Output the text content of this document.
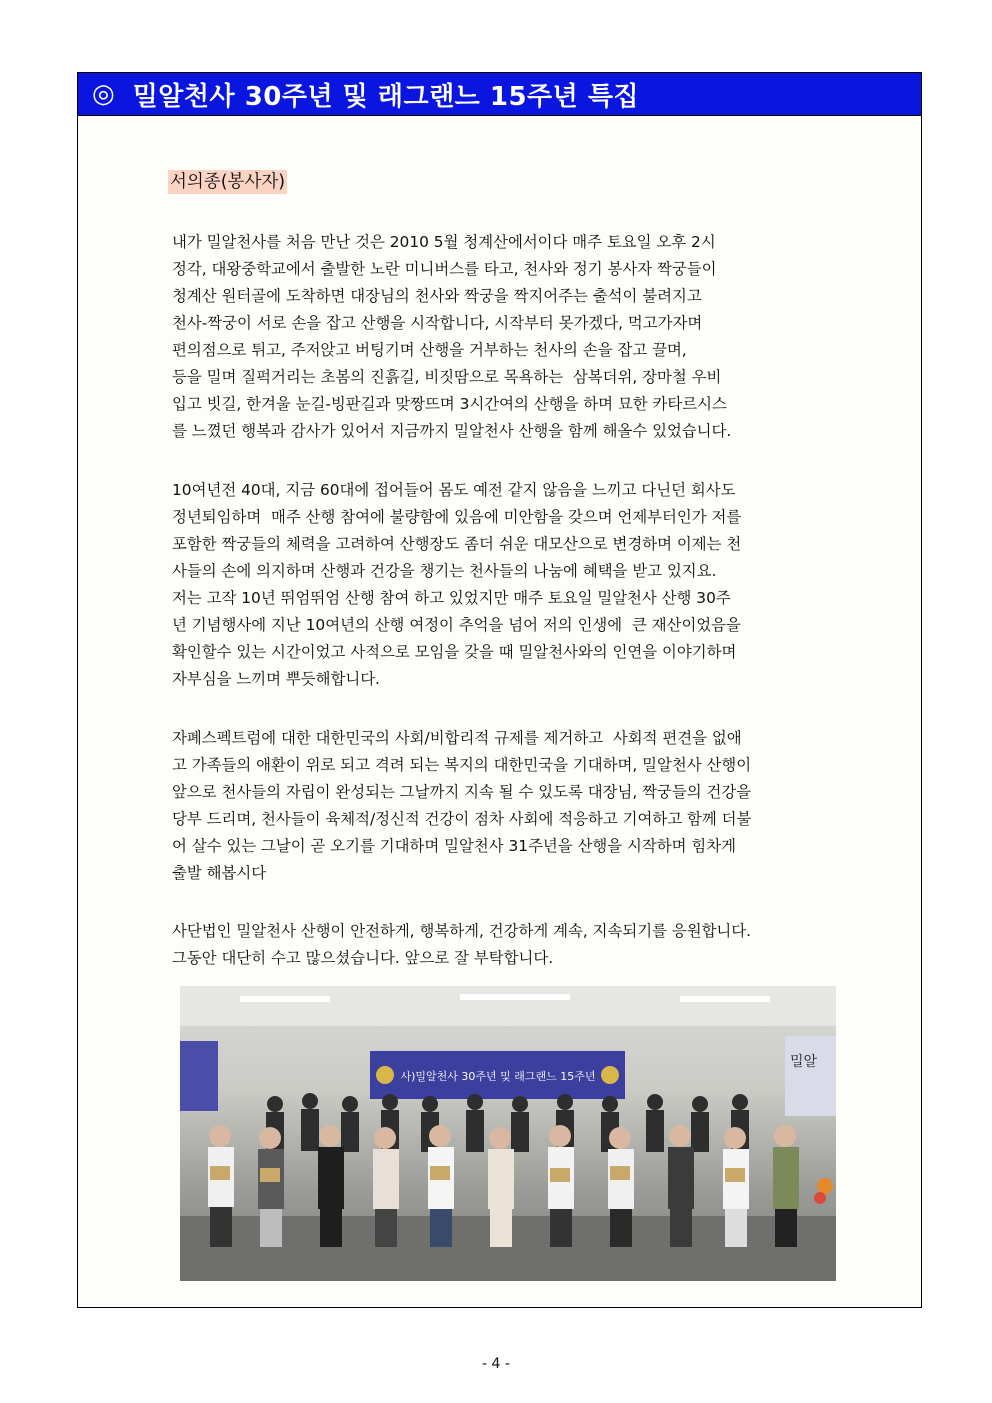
◎ 밀알천사 30주년 및 래그랜느 15주년 특집
서의종(봉사자)
내가 밀알천사를 처음 만난 것은 2010 5월 청계산에서이다 매주 토요일 오후 2시
정각, 대왕중학교에서 출발한 노란 미니버스를 타고, 천사와 정기 봉사자 짝궁들이
청계산 원터골에 도착하면 대장님의 천사와 짝궁을 짝지어주는 출석이 불려지고
천사-짝궁이 서로 손을 잡고 산행을 시작합니다, 시작부터 못가겠다, 먹고가자며
편의점으로 튀고, 주저앉고 버팅기며 산행을 거부하는 천사의 손을 잡고 끌며,
등을 밀며 질퍽거리는 초봄의 진흙길, 비짓땀으로 목욕하는  삼복더위, 장마철 우비
입고 빗길, 한겨울 눈길-빙판길과 맞짱뜨며 3시간여의 산행을 하며 묘한 카타르시스
를 느꼈던 행복과 감사가 있어서 지금까지 밀알천사 산행을 함께 해올수 있었습니다.
10여년전 40대, 지금 60대에 접어들어 몸도 예전 같지 않음을 느끼고 다닌던 회사도
정년퇴임하며  매주 산행 참여에 불량함에 있음에 미안함을 갖으며 언제부터인가 저를
포함한 짝궁들의 체력을 고려하여 산행장도 좀더 쉬운 대모산으로 변경하며 이제는 천
사들의 손에 의지하며 산행과 건강을 챙기는 천사들의 나눔에 혜택을 받고 있지요.
저는 고작 10년 뛰엄뛰엄 산행 참여 하고 있었지만 매주 토요일 밀알천사 산행 30주
년 기념행사에 지난 10여년의 산행 여정이 추억을 넘어 저의 인생에  큰 재산이었음을
확인할수 있는 시간이었고 사적으로 모임을 갖을 때 밀알천사와의 인연을 이야기하며
자부심을 느끼며 뿌듯해합니다.
자폐스펙트럼에 대한 대한민국의 사회/비합리적 규제를 제거하고  사회적 편견을 없애
고 가족들의 애환이 위로 되고 격려 되는 복지의 대한민국을 기대하며, 밀알천사 산행이
앞으로 천사들의 자립이 완성되는 그날까지 지속 될 수 있도록 대장님, 짝궁들의 건강을
당부 드리며, 천사들이 육체적/정신적 건강이 점차 사회에 적응하고 기여하고 함께 더불
어 살수 있는 그날이 곧 오기를 기대하며 밀알천사 31주년을 산행을 시작하며 힘차게
출발 해봅시다
사단법인 밀알천사 산행이 안전하게, 행복하게, 건강하게 계속, 지속되기를 응원합니다.
그동안 대단히 수고 많으셨습니다. 앞으로 잘 부탁합니다.
밀알
사)밀알천사 30주년 및 래그랜느 15주년
- 4 -
